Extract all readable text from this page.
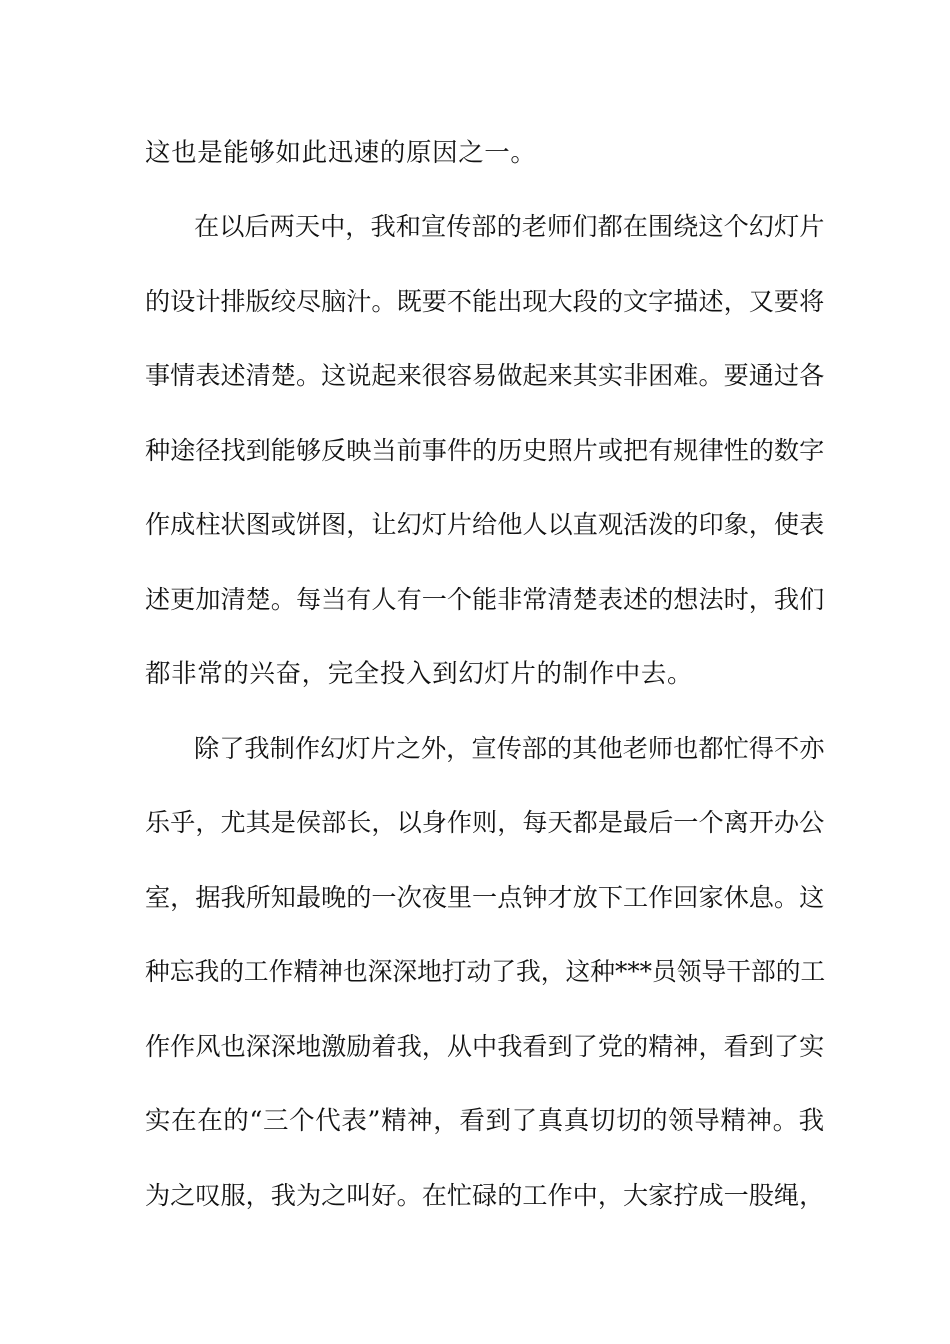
这也是能够如此迅速的原因之一。
在以后两天中，我和宣传部的老师们都在围绕这个幻灯片
的设计排版绞尽脑汁。既要不能出现大段的文字描述，又要将
事情表述清楚。这说起来很容易做起来其实非困难。要通过各
种途径找到能够反映当前事件的历史照片或把有规律性的数字
作成柱状图或饼图，让幻灯片给他人以直观活泼的印象，使表
述更加清楚。每当有人有一个能非常清楚表述的想法时，我们
都非常的兴奋，完全投入到幻灯片的制作中去。
除了我制作幻灯片之外，宣传部的其他老师也都忙得不亦
乐乎，尤其是侯部长，以身作则，每天都是最后一个离开办公
室，据我所知最晚的一次夜里一点钟才放下工作回家休息。这
种忘我的工作精神也深深地打动了我，这种***员领导干部的工
作作风也深深地激励着我，从中我看到了党的精神，看到了实
实在在的“三个代表”精神，看到了真真切切的领导精神。我
为之叹服，我为之叫好。在忙碌的工作中，大家拧成一股绳，
